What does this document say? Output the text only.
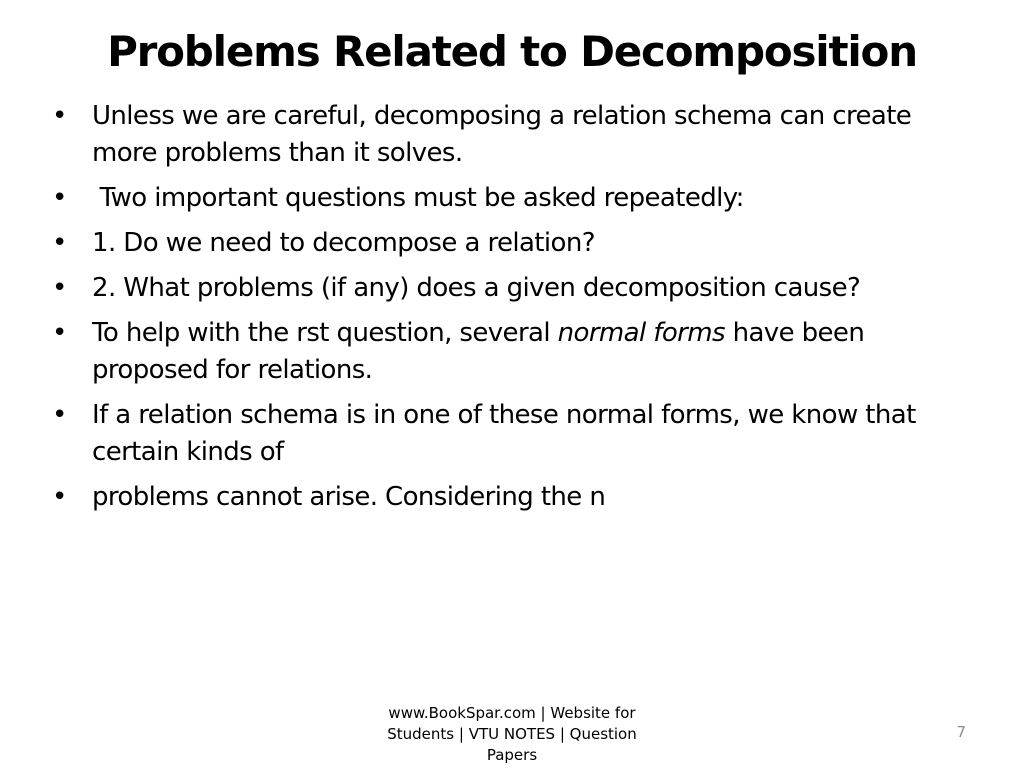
Problems Related to Decomposition
• Unless we are careful, decomposing a relation schema can create more problems than it solves.
• Two important questions must be asked repeatedly:
• 1. Do we need to decompose a relation?
• 2. What problems (if any) does a given decomposition cause?
• To help with the rst question, several normal forms have been proposed for relations.
• If a relation schema is in one of these normal forms, we know that certain kinds of
• problems cannot arise. Considering the n
www.BookSpar.com | Website for Students | VTU NOTES | Question Papers
7
